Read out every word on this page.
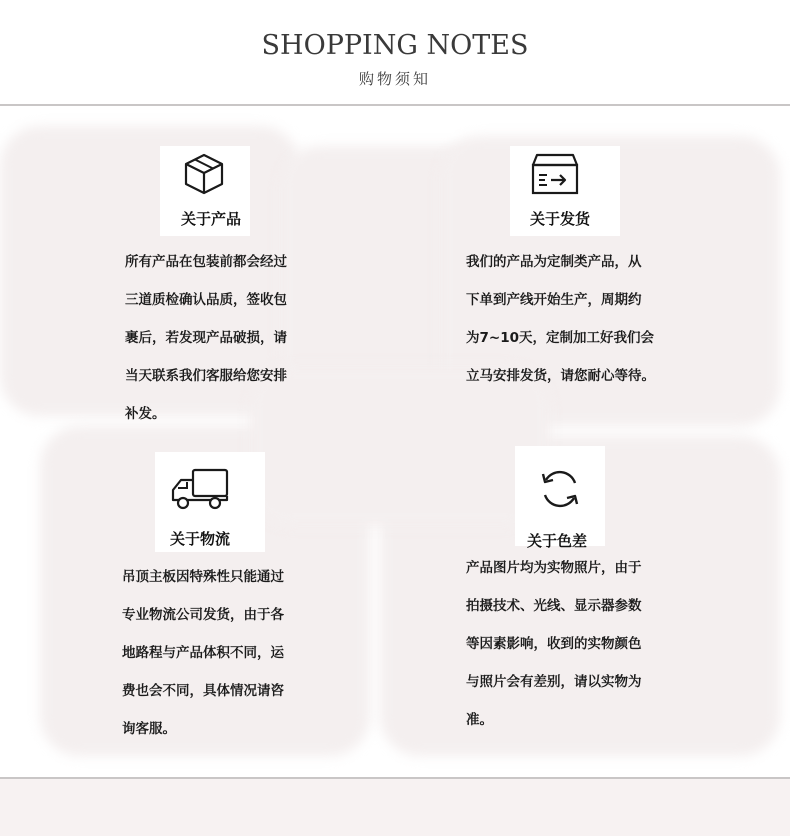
SHOPPING NOTES
购物须知
关于产品

所有产品在包装前都会经过

三道质检确认品质，签收包

裹后，若发现产品破损，请

当天联系我们客服给您安排

补发。

关于发货

我们的产品为定制类产品，从

下单到产线开始生产，周期约

为7~10天，定制加工好我们会

立马安排发货，请您耐心等待。

关于物流

吊顶主板因特殊性只能通过

专业物流公司发货，由于各

地路程与产品体积不同，运

费也会不同，具体情况请咨

询客服。

关于色差

产品图片均为实物照片，由于

拍摄技术、光线、显示器参数

等因素影响，收到的实物颜色

与照片会有差别，请以实物为

准。
